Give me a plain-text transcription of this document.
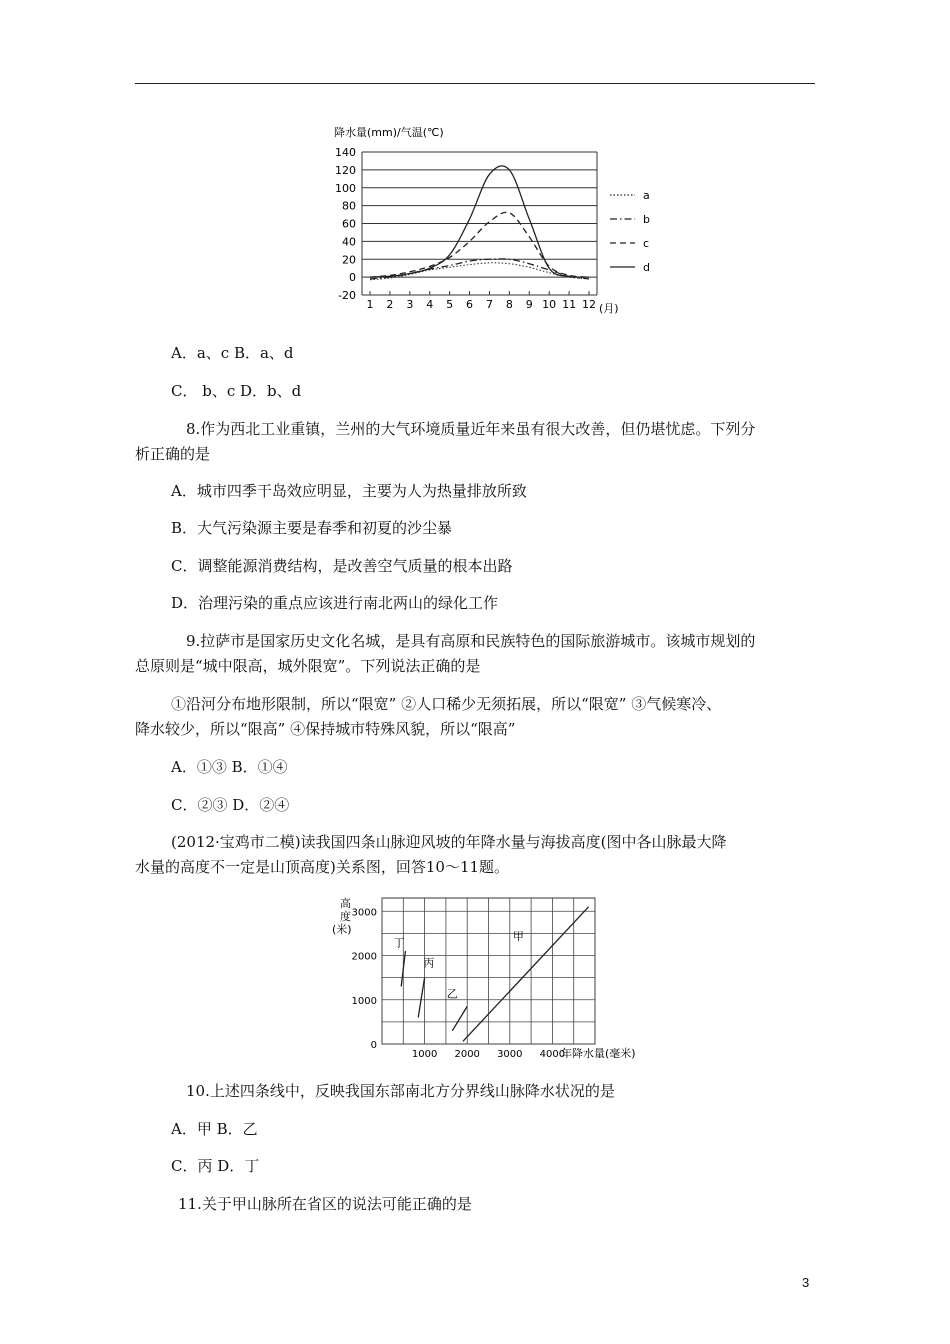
降水量(mm)/气温(℃)
140
120
100
80
60
40
20
0
-20
1 2 3 4 5 6 7 8 9 10 11 12
a
b
c
d
(月)
A．a、c B．a、d
C． b、c D．b、d
8.作为西北工业重镇，兰州的大气环境质量近年来虽有很大改善，但仍堪忧虑。下列分
析正确的是
A．城市四季干岛效应明显，主要为人为热量排放所致
B．大气污染源主要是春季和初夏的沙尘暴
C．调整能源消费结构，是改善空气质量的根本出路
D．治理污染的重点应该进行南北两山的绿化工作
9.拉萨市是国家历史文化名城，是具有高原和民族特色的国际旅游城市。该城市规划的
总原则是“城中限高，城外限宽”。下列说法正确的是
①沿河分布地形限制，所以“限宽” ②人口稀少无须拓展，所以“限宽” ③气候寒冷、
降水较少，所以“限高” ④保持城市特殊风貌，所以“限高”
A．①③ B．①④
C．②③ D．②④
(2012·宝鸡市二模)读我国四条山脉迎风坡的年降水量与海拔高度(图中各山脉最大降
水量的高度不一定是山顶高度)关系图，回答10～11题。
3000
2000
1000
0
1000 2000 3000 4000
甲
乙
丙
丁
高
度
(米)
年降水量(毫米)
10.上述四条线中，反映我国东部南北方分界线山脉降水状况的是
A．甲 B．乙
C．丙 D．丁
11.关于甲山脉所在省区的说法可能正确的是
3
